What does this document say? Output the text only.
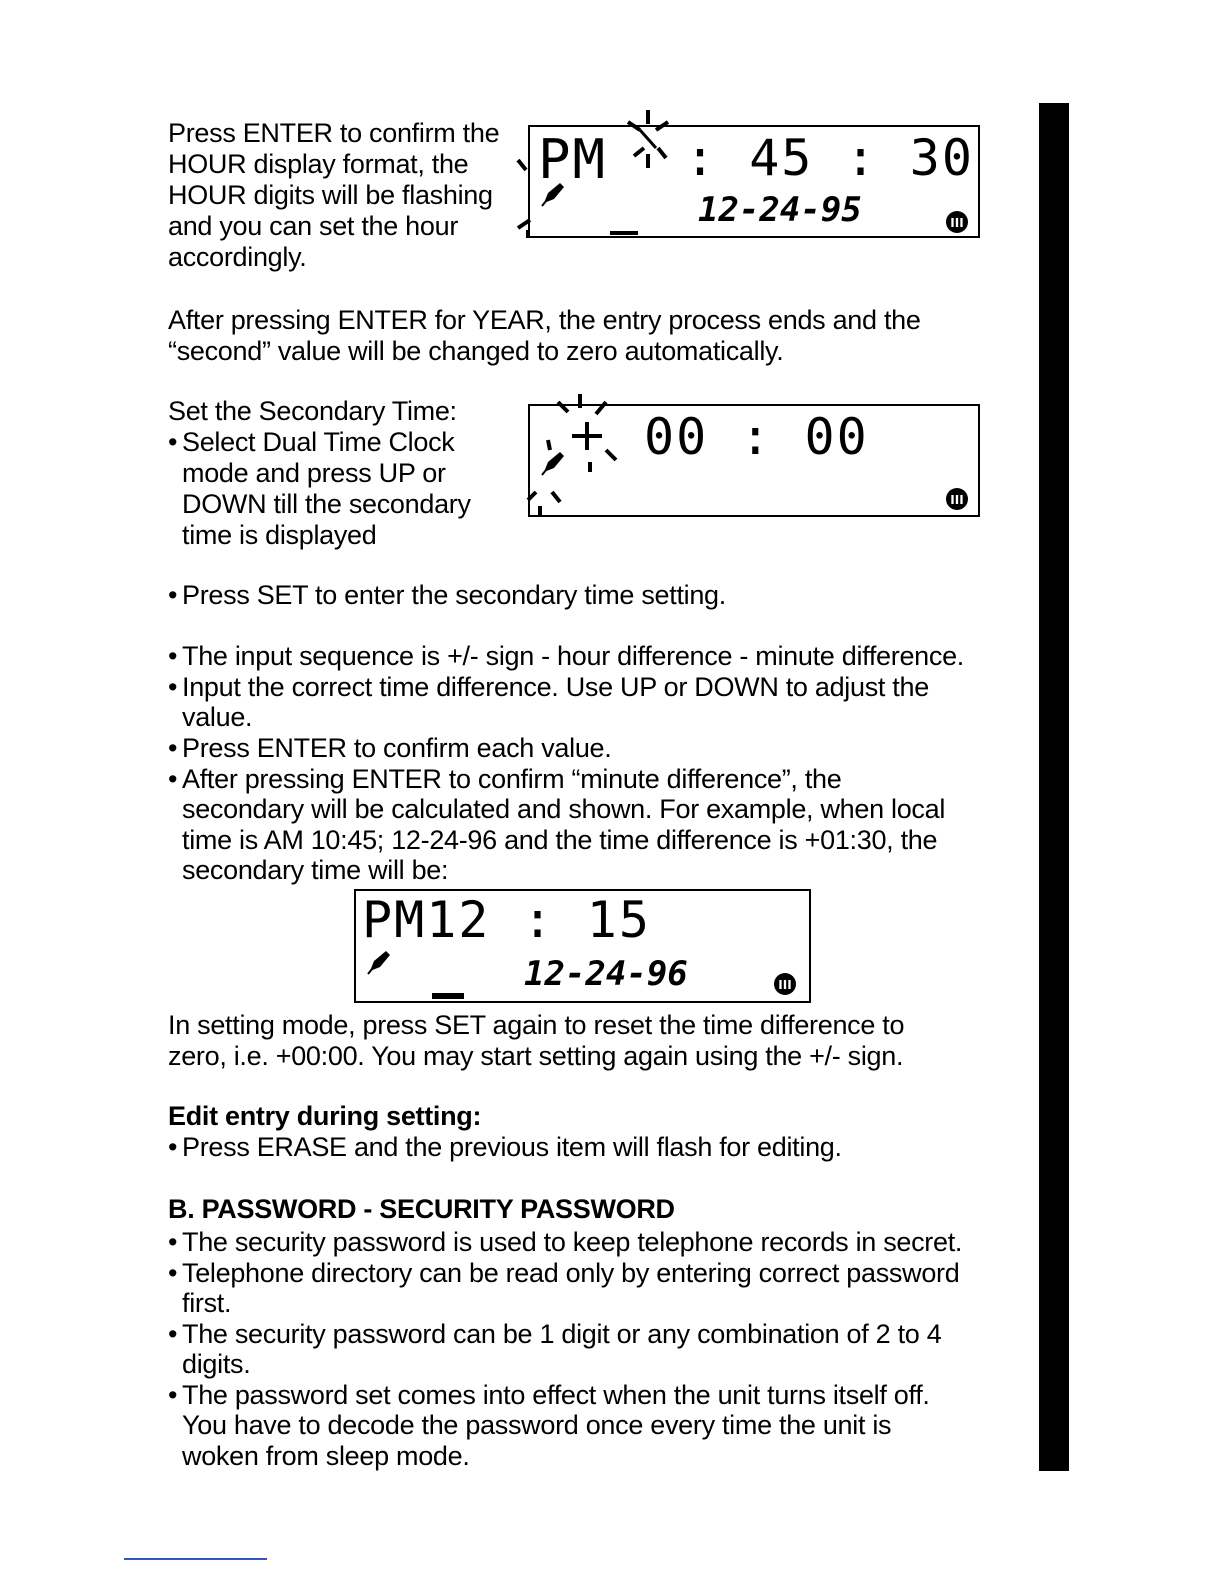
Press ENTER to confirm the
HOUR display format, the
HOUR digits will be flashing
and you can set the hour
accordingly.
PM : 45 : 30
12-24-95	III
After pressing ENTER for YEAR, the entry process ends and the
“second” value will be changed to zero automatically.
Set the Secondary Time:
• Select Dual Time Clock
mode and press UP or
DOWN till the secondary
time is displayed
00 : 00
III
• Press SET to enter the secondary time setting.
• The input sequence is +/- sign - hour difference - minute difference.
• Input the correct time difference. Use UP or DOWN to adjust the
value.
• Press ENTER to confirm each value.
• After pressing ENTER to confirm “minute difference”, the
secondary will be calculated and shown. For example, when local
time is AM 10:45; 12-24-96 and the time difference is +01:30, the
secondary time will be:
PM12 : 15
12-24-96	III
In setting mode, press SET again to reset the time difference to
zero, i.e. +00:00. You may start setting again using the +/- sign.
Edit entry during setting:
• Press ERASE and the previous item will flash for editing.
B. PASSWORD - SECURITY PASSWORD
• The security password is used to keep telephone records in secret.
• Telephone directory can be read only by entering correct password
first.
• The security password can be 1 digit or any combination of 2 to 4
digits.
• The password set comes into effect when the unit turns itself off.
You have to decode the password once every time the unit is
woken from sleep mode.
